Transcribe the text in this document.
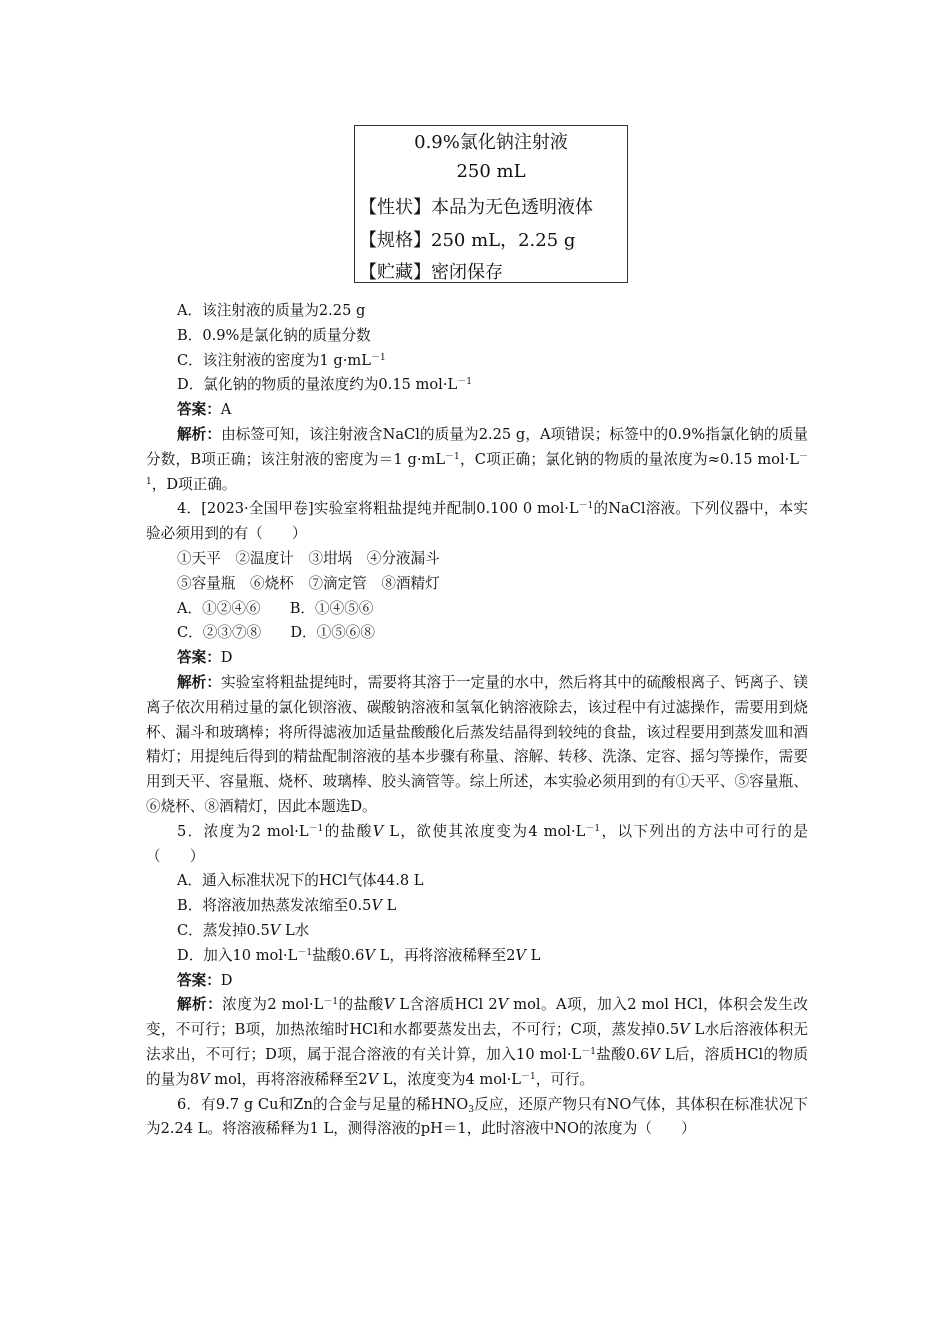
0.9%氯化钠注射液
250 mL
【性状】本品为无色透明液体
【规格】250 mL，2.25 g
【贮藏】密闭保存

A．该注射液的质量为2.25 g

B．0.9%是氯化钠的质量分数

C．该注射液的密度为1 $g\cdot mL^{-1}$

D．氯化钠的物质的量浓度约为0.15 $mol\cdot L^{-1}$

答案：A

解析：由标签可知，该注射液含NaCl的质量为2.25 g，A项错误；标签中的0.9%指氯化钠的质量分数，B项正确；该注射液的密度为＝1 $g\cdot mL^{-1}$，C项正确；氯化钠的物质的量浓度为≈0.15 $mol\cdot L^{-1}$，D项正确。

4．[2023·全国甲卷]实验室将粗盐提纯并配制0.100 0 $mol\cdot L^{-1}$的NaCl溶液。下列仪器中，本实验必须用到的有（　　）

①天平　②温度计　③坩埚　④分液漏斗

⑤容量瓶　⑥烧杯　⑦滴定管　⑧酒精灯

A．①②④⑥　　B．①④⑤⑥

C．②③⑦⑧　　D．①⑤⑥⑧

答案：D

解析：实验室将粗盐提纯时，需要将其溶于一定量的水中，然后将其中的硫酸根离子、钙离子、镁离子依次用稍过量的氯化钡溶液、碳酸钠溶液和氢氧化钠溶液除去，该过程中有过滤操作，需要用到烧杯、漏斗和玻璃棒；将所得滤液加适量盐酸酸化后蒸发结晶得到较纯的食盐，该过程要用到蒸发皿和酒精灯；用提纯后得到的精盐配制溶液的基本步骤有称量、溶解、转移、洗涤、定容、摇匀等操作，需要用到天平、容量瓶、烧杯、玻璃棒、胶头滴管等。综上所述，本实验必须用到的有①天平、⑤容量瓶、⑥烧杯、⑧酒精灯，因此本题选D。

5．浓度为2 $mol\cdot L^{-1}$的盐酸V L，欲使其浓度变为4 $mol\cdot L^{-1}$，以下列出的方法中可行的是（　　）

A．通入标准状况下的HCl气体44.8 L

B．将溶液加热蒸发浓缩至0.5V L

C．蒸发掉0.5V L水

D．加入10 $mol\cdot L^{-1}$盐酸0.6V L，再将溶液稀释至2V L

答案：D

解析：浓度为2 $mol\cdot L^{-1}$的盐酸V L含溶质HCl 2V mol。A项，加入2 mol HCl，体积会发生改变，不可行；B项，加热浓缩时HCl和水都要蒸发出去，不可行；C项，蒸发掉0.5V L水后溶液体积无法求出，不可行；D项，属于混合溶液的有关计算，加入10 $mol\cdot L^{-1}$盐酸0.6V L后，溶质HCl的物质的量为8V mol，再将溶液稀释至2V L，浓度变为4 $mol\cdot L^{-1}$，可行。

6．有9.7 g Cu和Zn的合金与足量的稀$HNO_3$反应，还原产物只有NO气体，其体积在标准状况下为2.24 L。将溶液稀释为1 L，测得溶液的pH＝1，此时溶液中NO的浓度为（　　）
